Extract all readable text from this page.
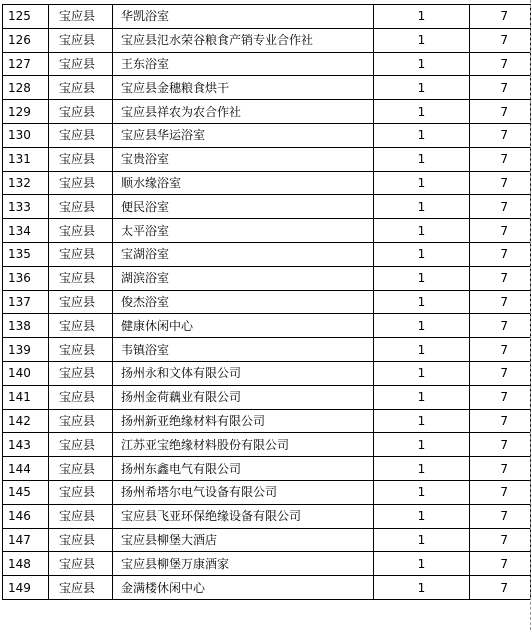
125	宝应县	华凯浴室	1	7
126	宝应县	宝应县氾水荣谷粮食产销专业合作社	1	7
127	宝应县	王东浴室	1	7
128	宝应县	宝应县金穗粮食烘干	1	7
129	宝应县	宝应县祥农为农合作社	1	7
130	宝应县	宝应县华运浴室	1	7
131	宝应县	宝贵浴室	1	7
132	宝应县	顺水缘浴室	1	7
133	宝应县	便民浴室	1	7
134	宝应县	太平浴室	1	7
135	宝应县	宝湖浴室	1	7
136	宝应县	湖滨浴室	1	7
137	宝应县	俊杰浴室	1	7
138	宝应县	健康休闲中心	1	7
139	宝应县	韦镇浴室	1	7
140	宝应县	扬州永和文体有限公司	1	7
141	宝应县	扬州金荷藕业有限公司	1	7
142	宝应县	扬州新亚绝缘材料有限公司	1	7
143	宝应县	江苏亚宝绝缘材料股份有限公司	1	7
144	宝应县	扬州东鑫电气有限公司	1	7
145	宝应县	扬州希塔尔电气设备有限公司	1	7
146	宝应县	宝应县飞亚环保绝缘设备有限公司	1	7
147	宝应县	宝应县柳堡大酒店	1	7
148	宝应县	宝应县柳堡万康酒家	1	7
149	宝应县	金满楼休闲中心	1	7
